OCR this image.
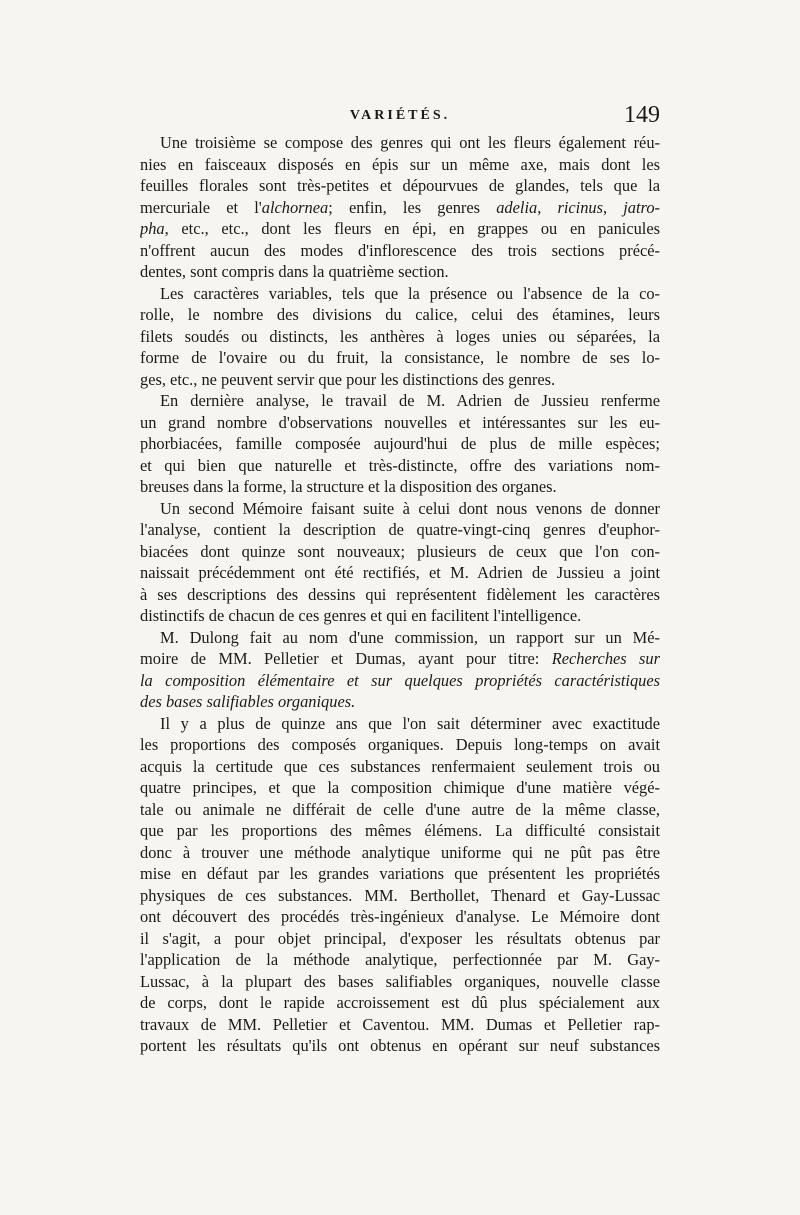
VARIÉTÉS.	149
Une troisième se compose des genres qui ont les fleurs également réu-
nies en faisceaux disposés en épis sur un même axe, mais dont les
feuilles florales sont très-petites et dépourvues de glandes, tels que la
mercuriale et l'alchornea; enfin, les genres adelia, ricinus, jatro-
pha, etc., etc., dont les fleurs en épi, en grappes ou en panicules
n'offrent aucun des modes d'inflorescence des trois sections précé-
dentes, sont compris dans la quatrième section.
Les caractères variables, tels que la présence ou l'absence de la co-
rolle, le nombre des divisions du calice, celui des étamines, leurs
filets soudés ou distincts, les anthères à loges unies ou séparées, la
forme de l'ovaire ou du fruit, la consistance, le nombre de ses lo-
ges, etc., ne peuvent servir que pour les distinctions des genres.
En dernière analyse, le travail de M. Adrien de Jussieu renferme
un grand nombre d'observations nouvelles et intéressantes sur les eu-
phorbiacées, famille composée aujourd'hui de plus de mille espèces;
et qui bien que naturelle et très-distincte, offre des variations nom-
breuses dans la forme, la structure et la disposition des organes.
Un second Mémoire faisant suite à celui dont nous venons de donner
l'analyse, contient la description de quatre-vingt-cinq genres d'euphor-
biacées dont quinze sont nouveaux; plusieurs de ceux que l'on con-
naissait précédemment ont été rectifiés, et M. Adrien de Jussieu a joint
à ses descriptions des dessins qui représentent fidèlement les caractères
distinctifs de chacun de ces genres et qui en facilitent l'intelligence.
M. Dulong fait au nom d'une commission, un rapport sur un Mé-
moire de MM. Pelletier et Dumas, ayant pour titre: Recherches sur
la composition élémentaire et sur quelques propriétés caractéristiques
des bases salifiables organiques.
Il y a plus de quinze ans que l'on sait déterminer avec exactitude
les proportions des composés organiques. Depuis long-temps on avait
acquis la certitude que ces substances renfermaient seulement trois ou
quatre principes, et que la composition chimique d'une matière végé-
tale ou animale ne différait de celle d'une autre de la même classe,
que par les proportions des mêmes élémens. La difficulté consistait
donc à trouver une méthode analytique uniforme qui ne pût pas être
mise en défaut par les grandes variations que présentent les propriétés
physiques de ces substances. MM. Berthollet, Thenard et Gay-Lussac
ont découvert des procédés très-ingénieux d'analyse. Le Mémoire dont
il s'agit, a pour objet principal, d'exposer les résultats obtenus par
l'application de la méthode analytique, perfectionnée par M. Gay-
Lussac, à la plupart des bases salifiables organiques, nouvelle classe
de corps, dont le rapide accroissement est dû plus spécialement aux
travaux de MM. Pelletier et Caventou. MM. Dumas et Pelletier rap-
portent les résultats qu'ils ont obtenus en opérant sur neuf substances
